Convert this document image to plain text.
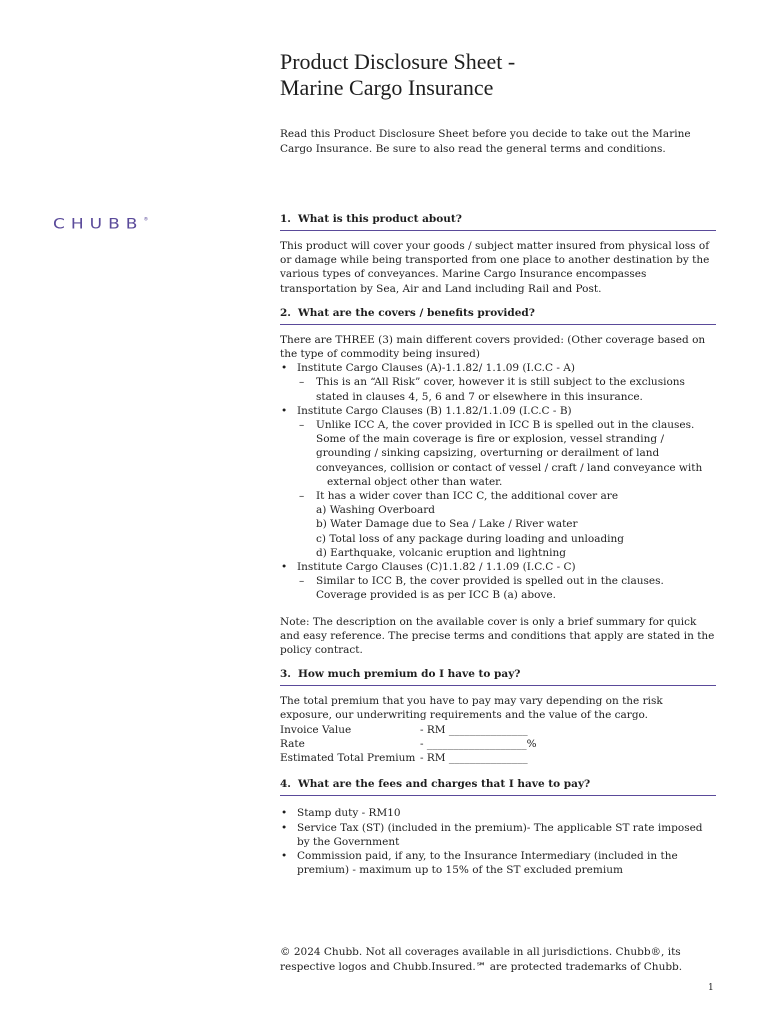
Product Disclosure Sheet -
Marine Cargo Insurance
Read this Product Disclosure Sheet before you decide to take out the Marine Cargo Insurance. Be sure to also read the general terms and conditions.
CHUBB®	1. What is this product about?

This product will cover your goods / subject matter insured from physical loss of or damage while being transported from one place to another destination by the various types of conveyances. Marine Cargo Insurance encompasses transportation by Sea, Air and Land including Rail and Post.

2. What are the covers / benefits provided?
There are THREE (3) main different covers provided: (Other coverage based on the type of commodity being insured)
• Institute Cargo Clauses (A)-1.1.82/ 1.1.09 (I.C.C - A)
– This is an “All Risk” cover, however it is still subject to the exclusions stated in clauses 4, 5, 6 and 7 or elsewhere in this insurance.
• Institute Cargo Clauses (B) 1.1.82/1.1.09 (I.C.C - B)
– Unlike ICC A, the cover provided in ICC B is spelled out in the clauses. Some of the main coverage is fire or explosion, vessel stranding / grounding / sinking capsizing, overturning or derailment of land conveyances, collision or contact of vessel / craft / land conveyance with
external object other than water.
– It has a wider cover than ICC C, the additional cover are
a) Washing Overboard
b) Water Damage due to Sea / Lake / River water
c) Total loss of any package during loading and unloading
d) Earthquake, volcanic eruption and lightning
• Institute Cargo Clauses (C)1.1.82 / 1.1.09 (I.C.C - C)
– Similar to ICC B, the cover provided is spelled out in the clauses. Coverage provided is as per ICC B (a) above.

Note: The description on the available cover is only a brief summary for quick and easy reference. The precise terms and conditions that apply are stated in the policy contract.

3. How much premium do I have to pay?
The total premium that you have to pay may vary depending on the risk exposure, our underwriting requirements and the value of the cargo.
Invoice Value	- RM _______________
Rate	- ___________________%
Estimated Total Premium - RM _______________
4. What are the fees and charges that I have to pay?
• Stamp duty - RM10
• Service Tax (ST) (included in the premium)- The applicable ST rate imposed by the Government
• Commission paid, if any, to the Insurance Intermediary (included in the premium) - maximum up to 15% of the ST excluded premium
© 2024 Chubb. Not all coverages available in all jurisdictions. Chubb®, its
respective logos and Chubb.Insured.℠ are protected trademarks of Chubb.
1
